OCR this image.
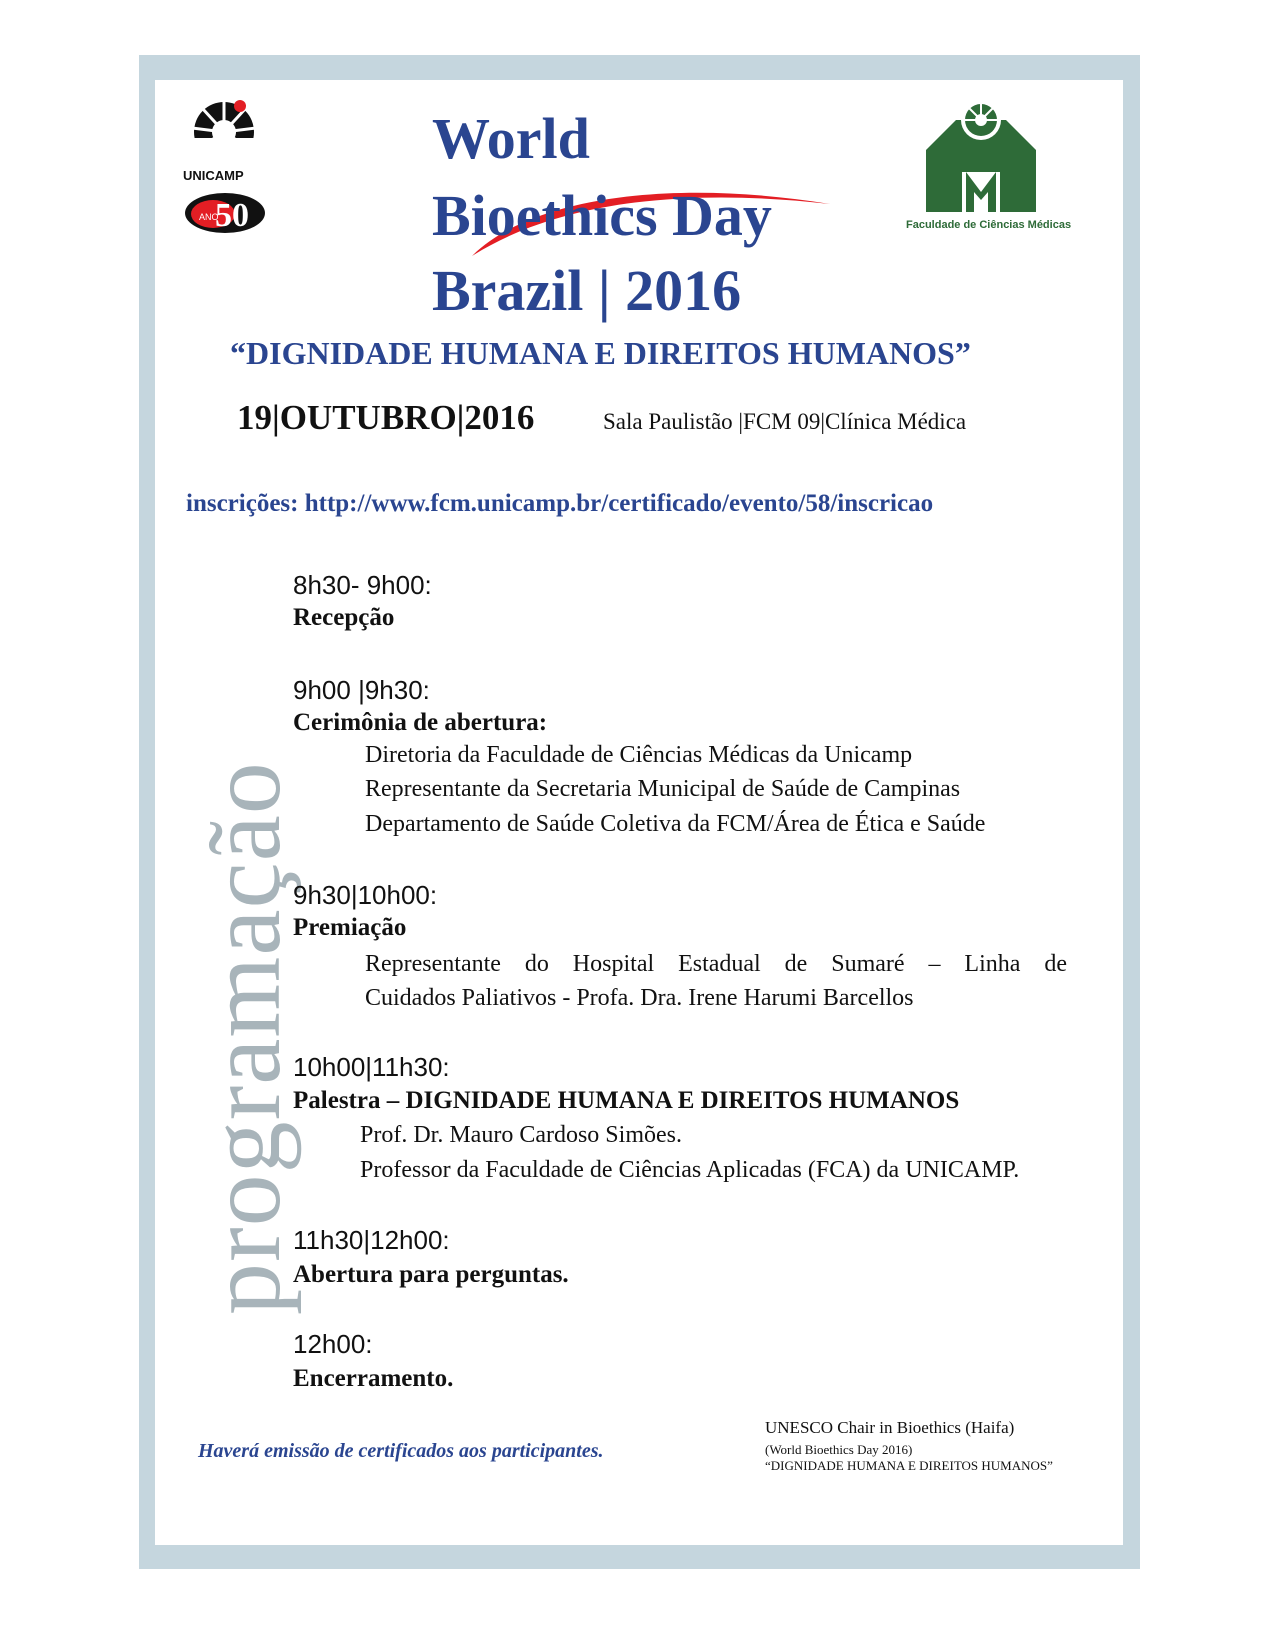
UNICAMP
ANO
50	Faculdade de Ciências Médicas
World
Bioethics Day
Brazil | 2016
“DIGNIDADE HUMANA E DIREITOS HUMANOS”
19|OUTUBRO|2016	Sala Paulistão |FCM 09|Clínica Médica
inscrições: http://www.fcm.unicamp.br/certificado/evento/58/inscricao
programação
8h30- 9h00:
Recepção
9h00 |9h30:
Cerimônia de abertura:
Diretoria da Faculdade de Ciências Médicas da Unicamp
Representante da Secretaria Municipal de Saúde de Campinas
Departamento de Saúde Coletiva da FCM/Área de Ética e Saúde
9h30|10h00:
Premiação
Representante do Hospital Estadual de Sumaré – Linha de
Cuidados Paliativos - Profa. Dra. Irene Harumi Barcellos
10h00|11h30:
Palestra – DIGNIDADE HUMANA E DIREITOS HUMANOS
Prof. Dr. Mauro Cardoso Simões.
Professor da Faculdade de Ciências Aplicadas (FCA) da UNICAMP.
11h30|12h00:
Abertura para perguntas.
12h00:
Encerramento.
Haverá emissão de certificados aos participantes.
UNESCO Chair in Bioethics (Haifa)
(World Bioethics Day 2016)
“DIGNIDADE HUMANA E DIREITOS HUMANOS”
